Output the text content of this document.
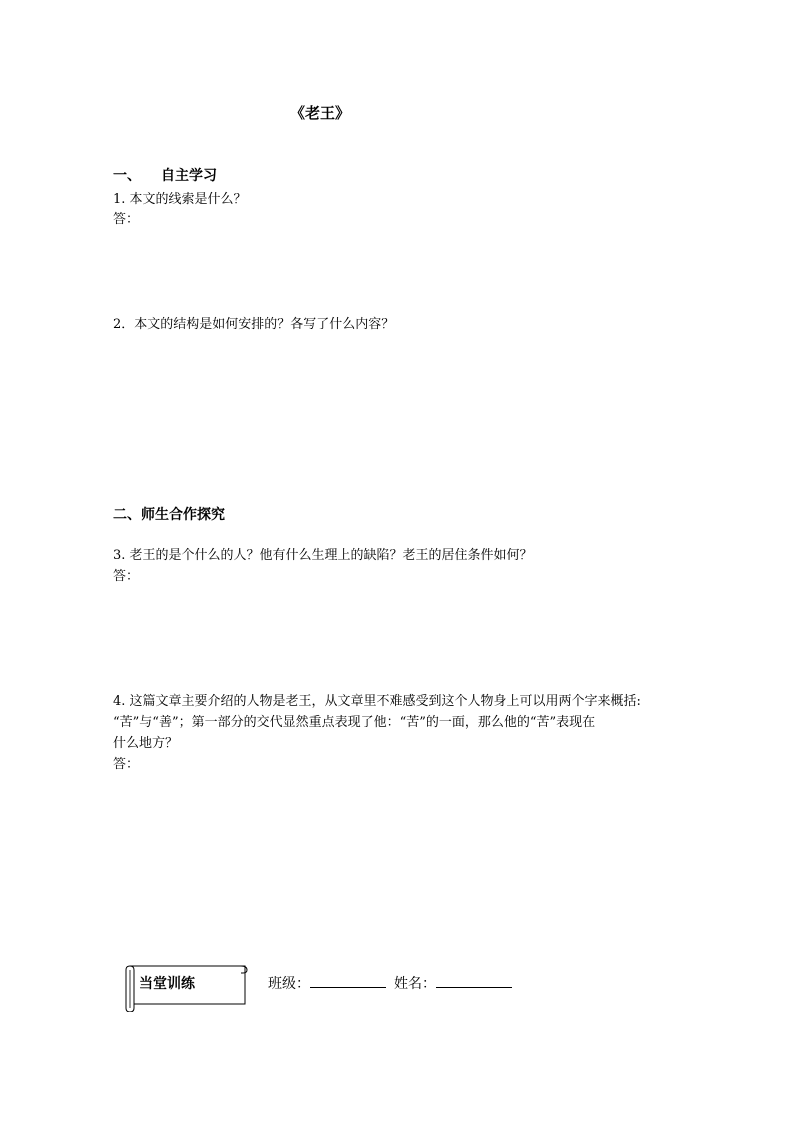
《老王》
一、 自主学习
1. 本文的线索是什么？
答：
2．本文的结构是如何安排的？各写了什么内容？
二、师生合作探究
3. 老王的是个什么的人？他有什么生理上的缺陷？老王的居住条件如何？
答：
4. 这篇文章主要介绍的人物是老王，从文章里不难感受到这个人物身上可以用两个字来概括:
“苦”与“善”；第一部分的交代显然重点表现了他：“苦”的一面，那么他的“苦”表现在
什么地方？
答：
当堂训练	班级：	姓名：
